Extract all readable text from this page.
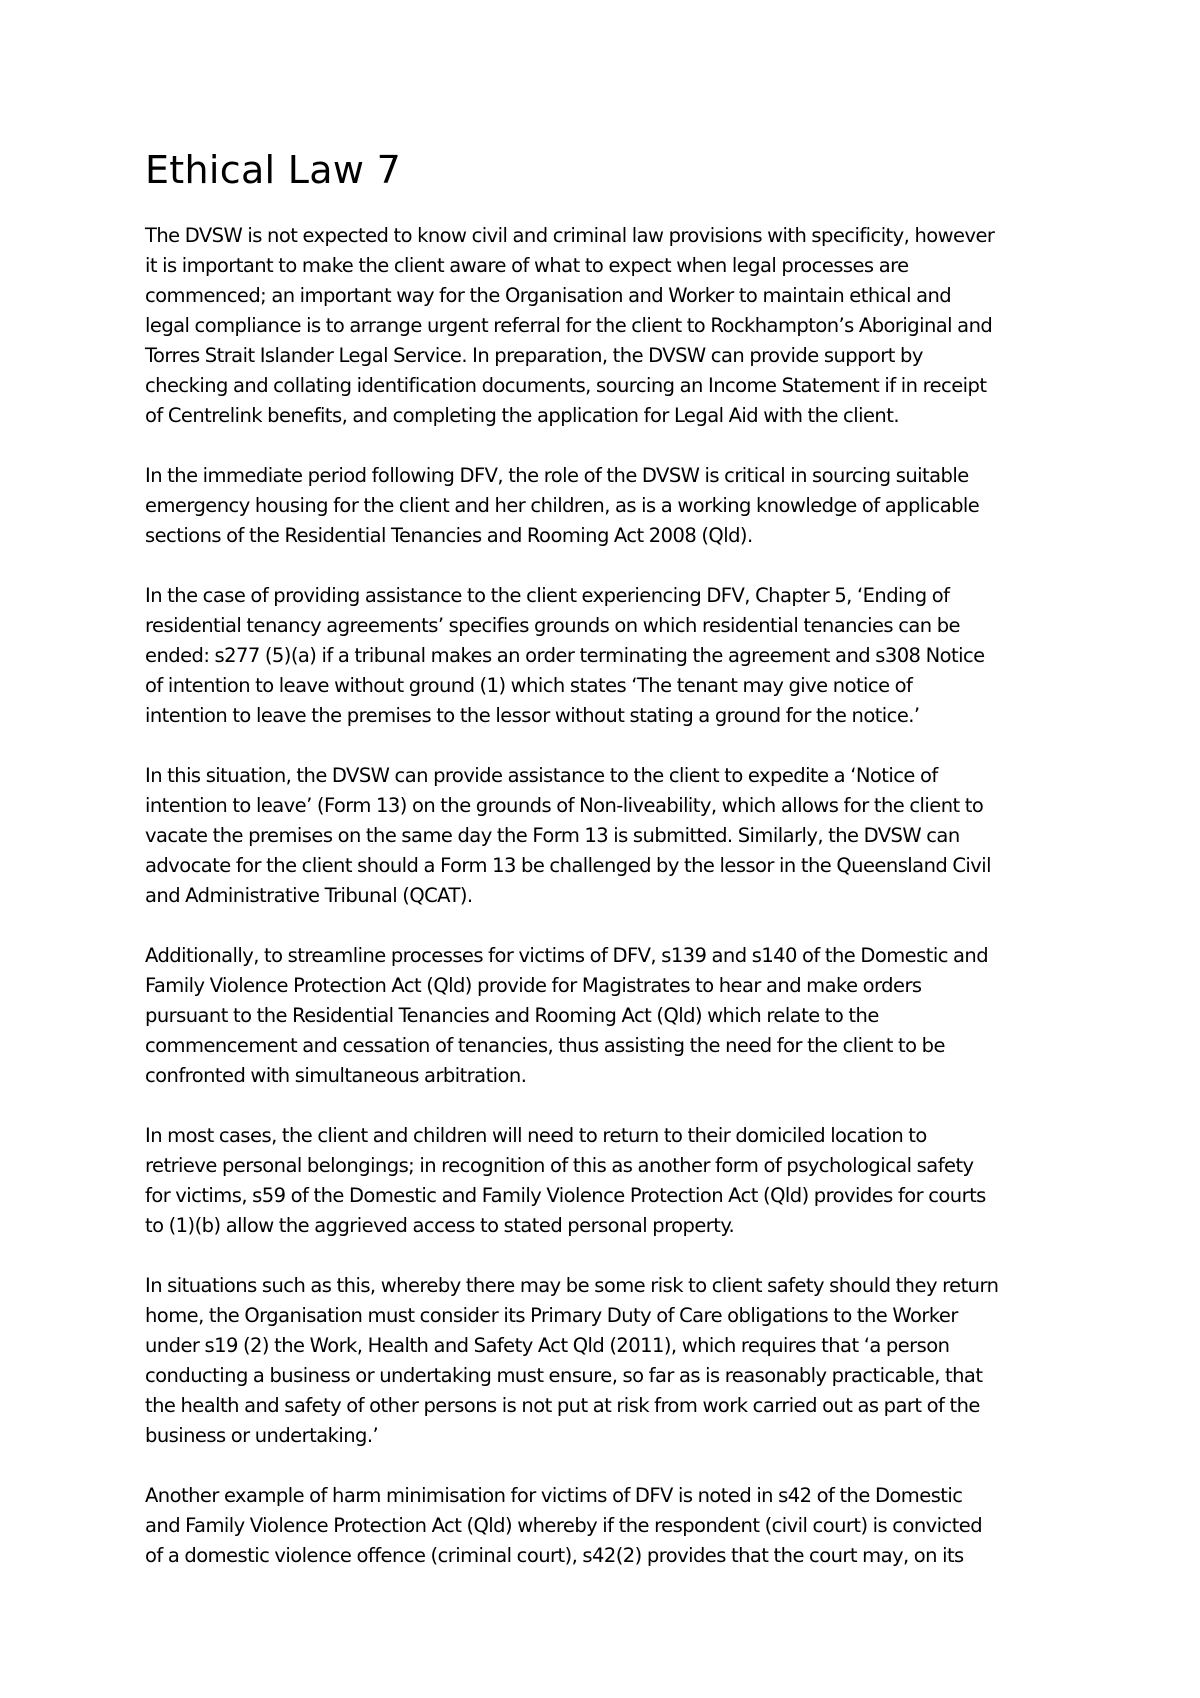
Ethical Law 7
The DVSW is not expected to know civil and criminal law provisions with specificity, however
it is important to make the client aware of what to expect when legal processes are
commenced; an important way for the Organisation and Worker to maintain ethical and
legal compliance is to arrange urgent referral for the client to Rockhampton’s Aboriginal and
Torres Strait Islander Legal Service. In preparation, the DVSW can provide support by
checking and collating identification documents, sourcing an Income Statement if in receipt
of Centrelink benefits, and completing the application for Legal Aid with the client.
In the immediate period following DFV, the role of the DVSW is critical in sourcing suitable
emergency housing for the client and her children, as is a working knowledge of applicable
sections of the Residential Tenancies and Rooming Act 2008 (Qld).
In the case of providing assistance to the client experiencing DFV, Chapter 5, ‘Ending of
residential tenancy agreements’ specifies grounds on which residential tenancies can be
ended: s277 (5)(a) if a tribunal makes an order terminating the agreement and s308 Notice
of intention to leave without ground (1) which states ‘The tenant may give notice of
intention to leave the premises to the lessor without stating a ground for the notice.’
In this situation, the DVSW can provide assistance to the client to expedite a ‘Notice of
intention to leave’ (Form 13) on the grounds of Non-liveability, which allows for the client to
vacate the premises on the same day the Form 13 is submitted. Similarly, the DVSW can
advocate for the client should a Form 13 be challenged by the lessor in the Queensland Civil
and Administrative Tribunal (QCAT).
Additionally, to streamline processes for victims of DFV, s139 and s140 of the Domestic and
Family Violence Protection Act (Qld) provide for Magistrates to hear and make orders
pursuant to the Residential Tenancies and Rooming Act (Qld) which relate to the
commencement and cessation of tenancies, thus assisting the need for the client to be
confronted with simultaneous arbitration.
In most cases, the client and children will need to return to their domiciled location to
retrieve personal belongings; in recognition of this as another form of psychological safety
for victims, s59 of the Domestic and Family Violence Protection Act (Qld) provides for courts
to (1)(b) allow the aggrieved access to stated personal property.
In situations such as this, whereby there may be some risk to client safety should they return
home, the Organisation must consider its Primary Duty of Care obligations to the Worker
under s19 (2) the Work, Health and Safety Act Qld (2011), which requires that ‘a person
conducting a business or undertaking must ensure, so far as is reasonably practicable, that
the health and safety of other persons is not put at risk from work carried out as part of the
business or undertaking.’
Another example of harm minimisation for victims of DFV is noted in s42 of the Domestic
and Family Violence Protection Act (Qld) whereby if the respondent (civil court) is convicted
of a domestic violence offence (criminal court), s42(2) provides that the court may, on its
